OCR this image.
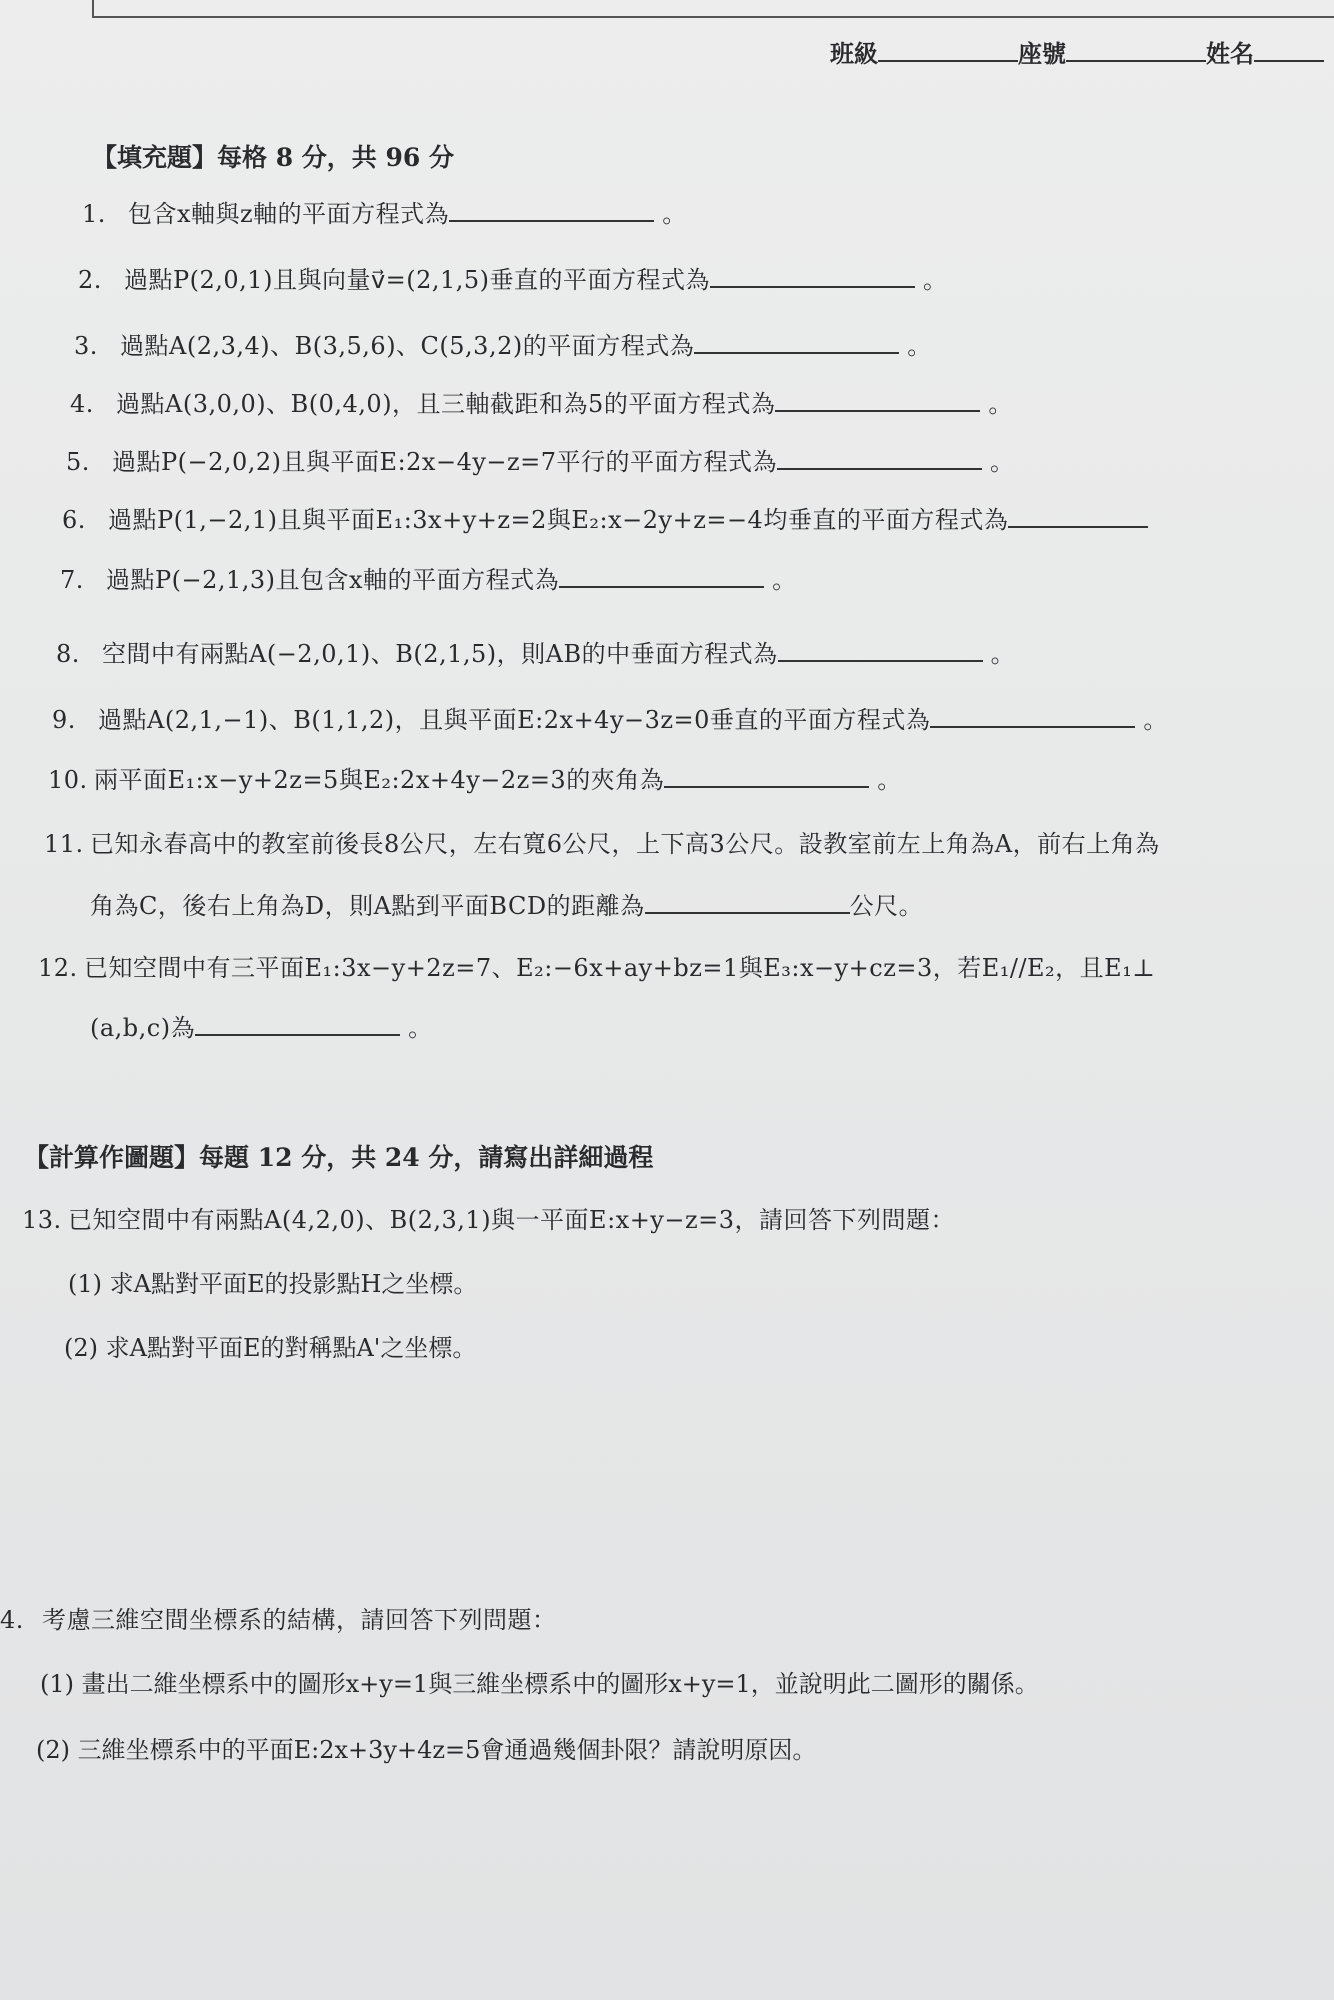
班級	座號	姓名
【填充題】每格 8 分，共 96 分
1. 包含x軸與z軸的平面方程式為	。
2. 過點P(2,0,1)且與向量v⃗=(2,1,5)垂直的平面方程式為	。
3. 過點A(2,3,4)、B(3,5,6)、C(5,3,2)的平面方程式為	。
4. 過點A(3,0,0)、B(0,4,0)，且三軸截距和為5的平面方程式為	。
5. 過點P(−2,0,2)且與平面E:2x−4y−z=7平行的平面方程式為	。
6. 過點P(1,−2,1)且與平面E₁:3x+y+z=2與E₂:x−2y+z=−4均垂直的平面方程式為
7. 過點P(−2,1,3)且包含x軸的平面方程式為	。
8. 空間中有兩點A(−2,0,1)、B(2,1,5)，則AB的中垂面方程式為	。
9. 過點A(2,1,−1)、B(1,1,2)，且與平面E:2x+4y−3z=0垂直的平面方程式為	。
10. 兩平面E₁:x−y+2z=5與E₂:2x+4y−2z=3的夾角為	。
11. 已知永春高中的教室前後長8公尺，左右寬6公尺，上下高3公尺。設教室前左上角為A，前右上角為
角為C，後右上角為D，則A點到平面BCD的距離為	公尺。
12. 已知空間中有三平面E₁:3x−y+2z=7、E₂:−6x+ay+bz=1與E₃:x−y+cz=3，若E₁//E₂，且E₁⊥
(a,b,c)為	。
【計算作圖題】每題 12 分，共 24 分，請寫出詳細過程
13. 已知空間中有兩點A(4,2,0)、B(2,3,1)與一平面E:x+y−z=3，請回答下列問題：
(1) 求A點對平面E的投影點H之坐標。
(2) 求A點對平面E的對稱點A'之坐標。
4. 考慮三維空間坐標系的結構，請回答下列問題：
(1) 畫出二維坐標系中的圖形x+y=1與三維坐標系中的圖形x+y=1，並說明此二圖形的關係。
(2) 三維坐標系中的平面E:2x+3y+4z=5會通過幾個卦限？請說明原因。
